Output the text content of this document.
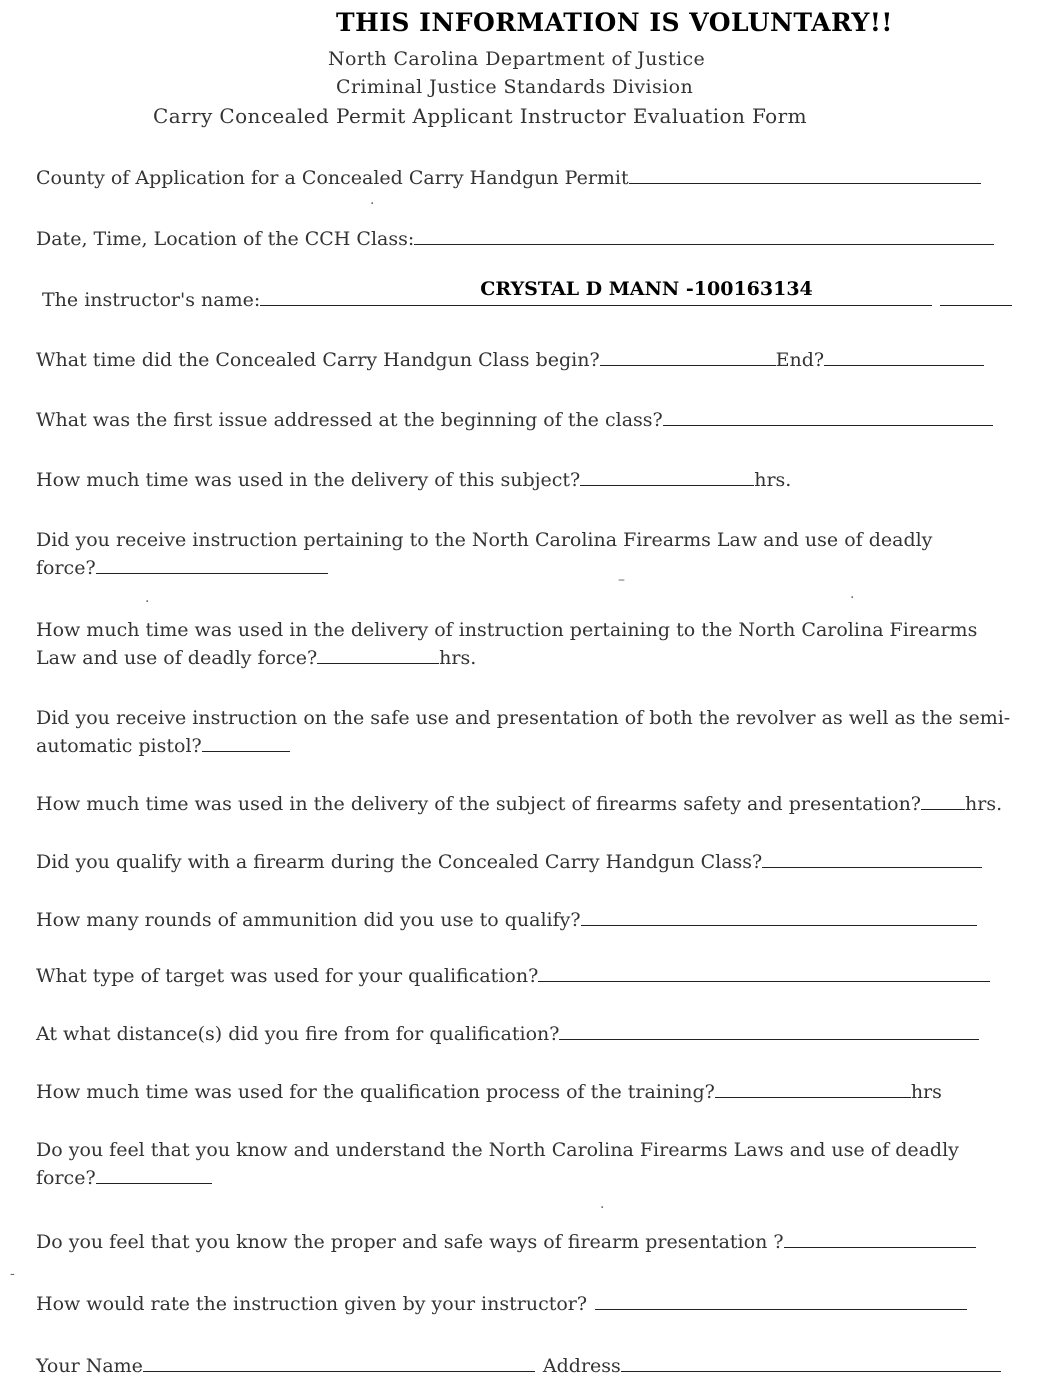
THIS INFORMATION IS VOLUNTARY!!
North Carolina Department of Justice
Criminal Justice Standards Division
Carry Concealed Permit Applicant Instructor Evaluation Form
County of Application for a Concealed Carry Handgun Permit
Date, Time, Location of the CCH Class:
The instructor's name:	CRYSTAL D MANN -100163134
What time did the Concealed Carry Handgun Class begin?	End?
What was the first issue addressed at the beginning of the class?
How much time was used in the delivery of this subject?	hrs.
Did you receive instruction pertaining to the North Carolina Firearms Law and use of deadly
force?
How much time was used in the delivery of instruction pertaining to the North Carolina Firearms
Law and use of deadly force?	hrs.
Did you receive instruction on the safe use and presentation of both the revolver as well as the semi-
automatic pistol?
How much time was used in the delivery of the subject of firearms safety and presentation? hrs.
Did you qualify with a firearm during the Concealed Carry Handgun Class?
How many rounds of ammunition did you use to qualify?
What type of target was used for your qualification?
At what distance(s) did you fire from for qualification?
How much time was used for the qualification process of the training?	hrs
Do you feel that you know and understand the North Carolina Firearms Laws and use of deadly
force?
Do you feel that you know the proper and safe ways of firearm presentation ?
How would rate the instruction given by your instructor?
Your Name	Address
·
–
·
·
-
·
